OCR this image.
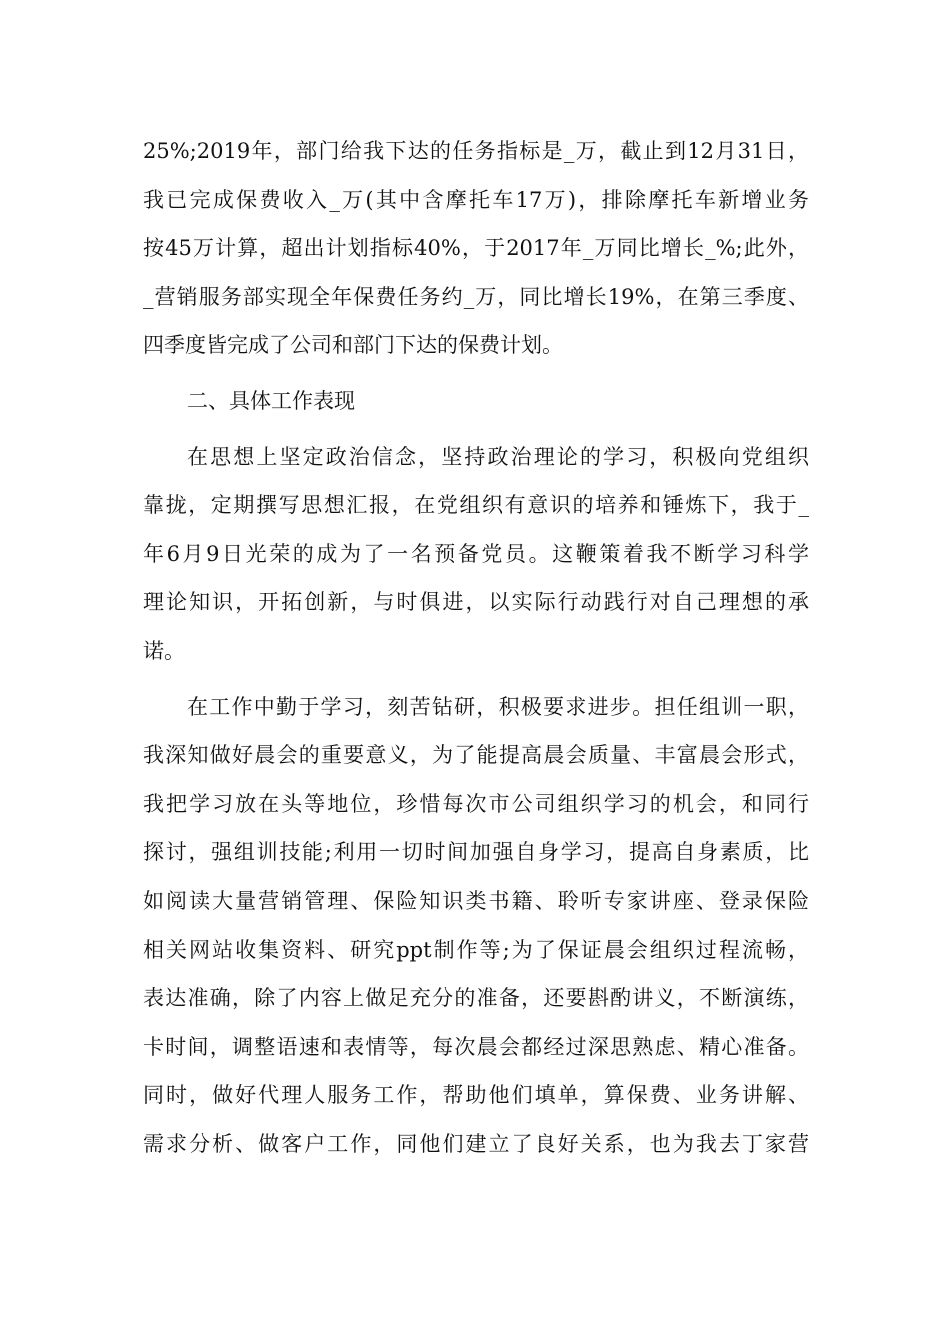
25%;2019年，部门给我下达的任务指标是_万，截止到12月31日，
我已完成保费收入_万(其中含摩托车17万)，排除摩托车新增业务
按45万计算，超出计划指标40%，于2017年_万同比增长_%;此外，
_营销服务部实现全年保费任务约_万，同比增长19%，在第三季度、
四季度皆完成了公司和部门下达的保费计划。
二、具体工作表现
在思想上坚定政治信念，坚持政治理论的学习，积极向党组织
靠拢，定期撰写思想汇报，在党组织有意识的培养和锤炼下，我于_
年6月9日光荣的成为了一名预备党员。这鞭策着我不断学习科学
理论知识，开拓创新，与时俱进，以实际行动践行对自己理想的承
诺。
在工作中勤于学习，刻苦钻研，积极要求进步。担任组训一职，
我深知做好晨会的重要意义，为了能提高晨会质量、丰富晨会形式，
我把学习放在头等地位，珍惜每次市公司组织学习的机会，和同行
探讨，强组训技能;利用一切时间加强自身学习，提高自身素质，比
如阅读大量营销管理、保险知识类书籍、聆听专家讲座、登录保险
相关网站收集资料、研究ppt制作等;为了保证晨会组织过程流畅，
表达准确，除了内容上做足充分的准备，还要斟酌讲义，不断演练，
卡时间，调整语速和表情等，每次晨会都经过深思熟虑、精心准备。
同时，做好代理人服务工作，帮助他们填单，算保费、业务讲解、
需求分析、做客户工作，同他们建立了良好关系，也为我去丁家营
